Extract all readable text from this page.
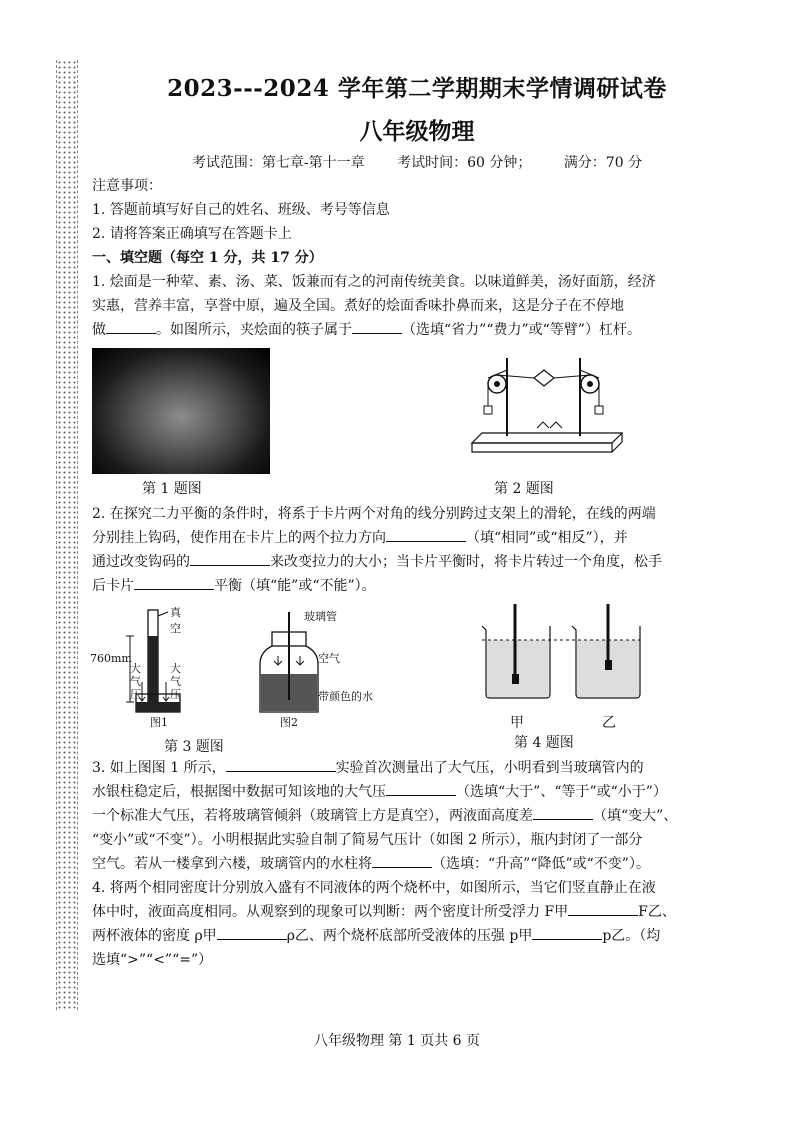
2023---2024 学年第二学期期末学情调研试卷
八年级物理
考试范围：第七章-第十一章 考试时间：60 分钟； 满分：70 分

注意事项：

1. 答题前填写好自己的姓名、班级、考号等信息

2. 请将答案正确填写在答题卡上

一、填空题（每空 1 分，共 17 分）

1. 烩面是一种荤、素、汤、菜、饭兼而有之的河南传统美食。以味道鲜美，汤好面筋，经济

实惠，营养丰富，享誉中原，遍及全国。煮好的烩面香味扑鼻而来，这是分子在不停地

做	。如图所示，夹烩面的筷子属于	（选填“省力”“费力”或“等臂”）杠杆。

第 1 题图	第 2 题图

2. 在探究二力平衡的条件时，将系于卡片两个对角的线分别跨过支架上的滑轮，在线的两端

分别挂上钩码，使作用在卡片上的两个拉力方向	（填“相同”或“相反”），并

通过改变钩码的	来改变拉力的大小；当卡片平衡时，将卡片转过一个角度，松手

后卡片	平衡（填“能”或“不能”）。

真空
760mm
大气压
大气压
图1
玻璃管
空气
带颜色的水
图2	甲	乙
第 3 题图	第 4 题图

3. 如上图图 1 所示，	实验首次测量出了大气压，小明看到当玻璃管内的

水银柱稳定后，根据图中数据可知该地的大气压	（选填“大于”、“等于”或“小于”）

一个标准大气压，若将玻璃管倾斜（玻璃管上方是真空），两液面高度差	（填“变大”、

“变小”或“不变”）。小明根据此实验自制了简易气压计（如图 2 所示），瓶内封闭了一部分

空气。若从一楼拿到六楼，玻璃管内的水柱将	（选填：“升高”“降低”或“不变”）。

4. 将两个相同密度计分别放入盛有不同液体的两个烧杯中，如图所示，当它们竖直静止在液

体中时，液面高度相同。从观察到的现象可以判断：两个密度计所受浮力 F甲	F乙、

两杯液体的密度 ρ甲	ρ乙、两个烧杯底部所受液体的压强 p甲	p乙。（均

选填“>”“<”“=”）

八年级物理 第 1 页共 6 页
